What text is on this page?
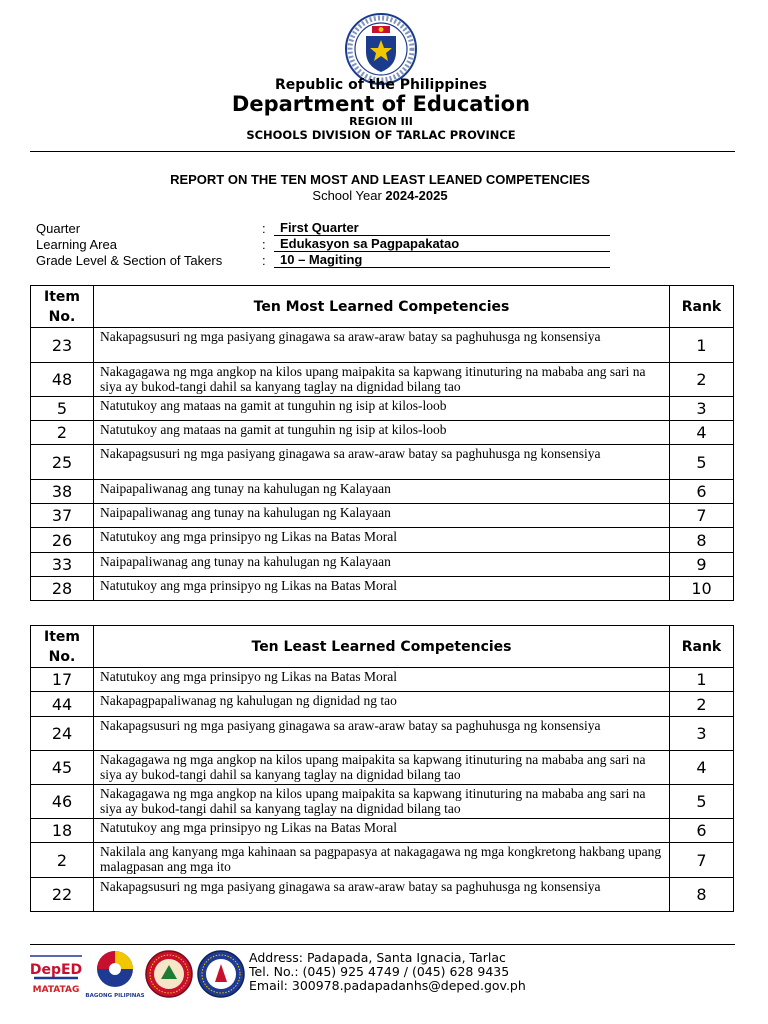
Republic of the Philippines
Department of Education
REGION III
SCHOOLS DIVISION OF TARLAC PROVINCE
REPORT ON THE TEN MOST AND LEAST LEANED COMPETENCIES
School Year 2024-2025
Quarter	:	First Quarter
Learning Area	:	Edukasyon sa Pagpapakatao
Grade Level & Section of Takers	:	10 – Magiting
Item No.	Ten Most Learned Competencies	Rank
23	Nakapagsusuri ng mga pasiyang ginagawa sa araw-araw batay sa paghuhusga ng konsensiya	1
48	Nakagagawa ng mga angkop na kilos upang maipakita sa kapwang itinuturing na mababa ang sari na siya ay bukod-tangi dahil sa kanyang taglay na dignidad bilang tao	2
5	Natutukoy ang mataas na gamit at tunguhin ng isip at kilos-loob	3
2	Natutukoy ang mataas na gamit at tunguhin ng isip at kilos-loob	4
25	Nakapagsusuri ng mga pasiyang ginagawa sa araw-araw batay sa paghuhusga ng konsensiya	5
38	Naipapaliwanag ang tunay na kahulugan ng Kalayaan	6
37	Naipapaliwanag ang tunay na kahulugan ng Kalayaan	7
26	Natutukoy ang mga prinsipyo ng Likas na Batas Moral	8
33	Naipapaliwanag ang tunay na kahulugan ng Kalayaan	9
28	Natutukoy ang mga prinsipyo ng Likas na Batas Moral	10
Item No.	Ten Least Learned Competencies	Rank
17	Natutukoy ang mga prinsipyo ng Likas na Batas Moral	1
44	Nakapagpapaliwanag ng kahulugan ng dignidad ng tao	2
24	Nakapagsusuri ng mga pasiyang ginagawa sa araw-araw batay sa paghuhusga ng konsensiya	3
45	Nakagagawa ng mga angkop na kilos upang maipakita sa kapwang itinuturing na mababa ang sari na siya ay bukod-tangi dahil sa kanyang taglay na dignidad bilang tao	4
46	Nakagagawa ng mga angkop na kilos upang maipakita sa kapwang itinuturing na mababa ang sari na siya ay bukod-tangi dahil sa kanyang taglay na dignidad bilang tao	5
18	Natutukoy ang mga prinsipyo ng Likas na Batas Moral	6
2	Nakilala ang kanyang mga kahinaan sa pagpapasya at nakagagawa ng mga kongkretong hakbang upang malagpasan ang mga ito	7
22	Nakapagsusuri ng mga pasiyang ginagawa sa araw-araw batay sa paghuhusga ng konsensiya	8
DepED
MATATAG
BAGONG PILIPINAS
Address: Padapada, Santa Ignacia, Tarlac
Tel. No.: (045) 925 4749 / (045) 628 9435
Email: 300978.padapadanhs@deped.gov.ph
